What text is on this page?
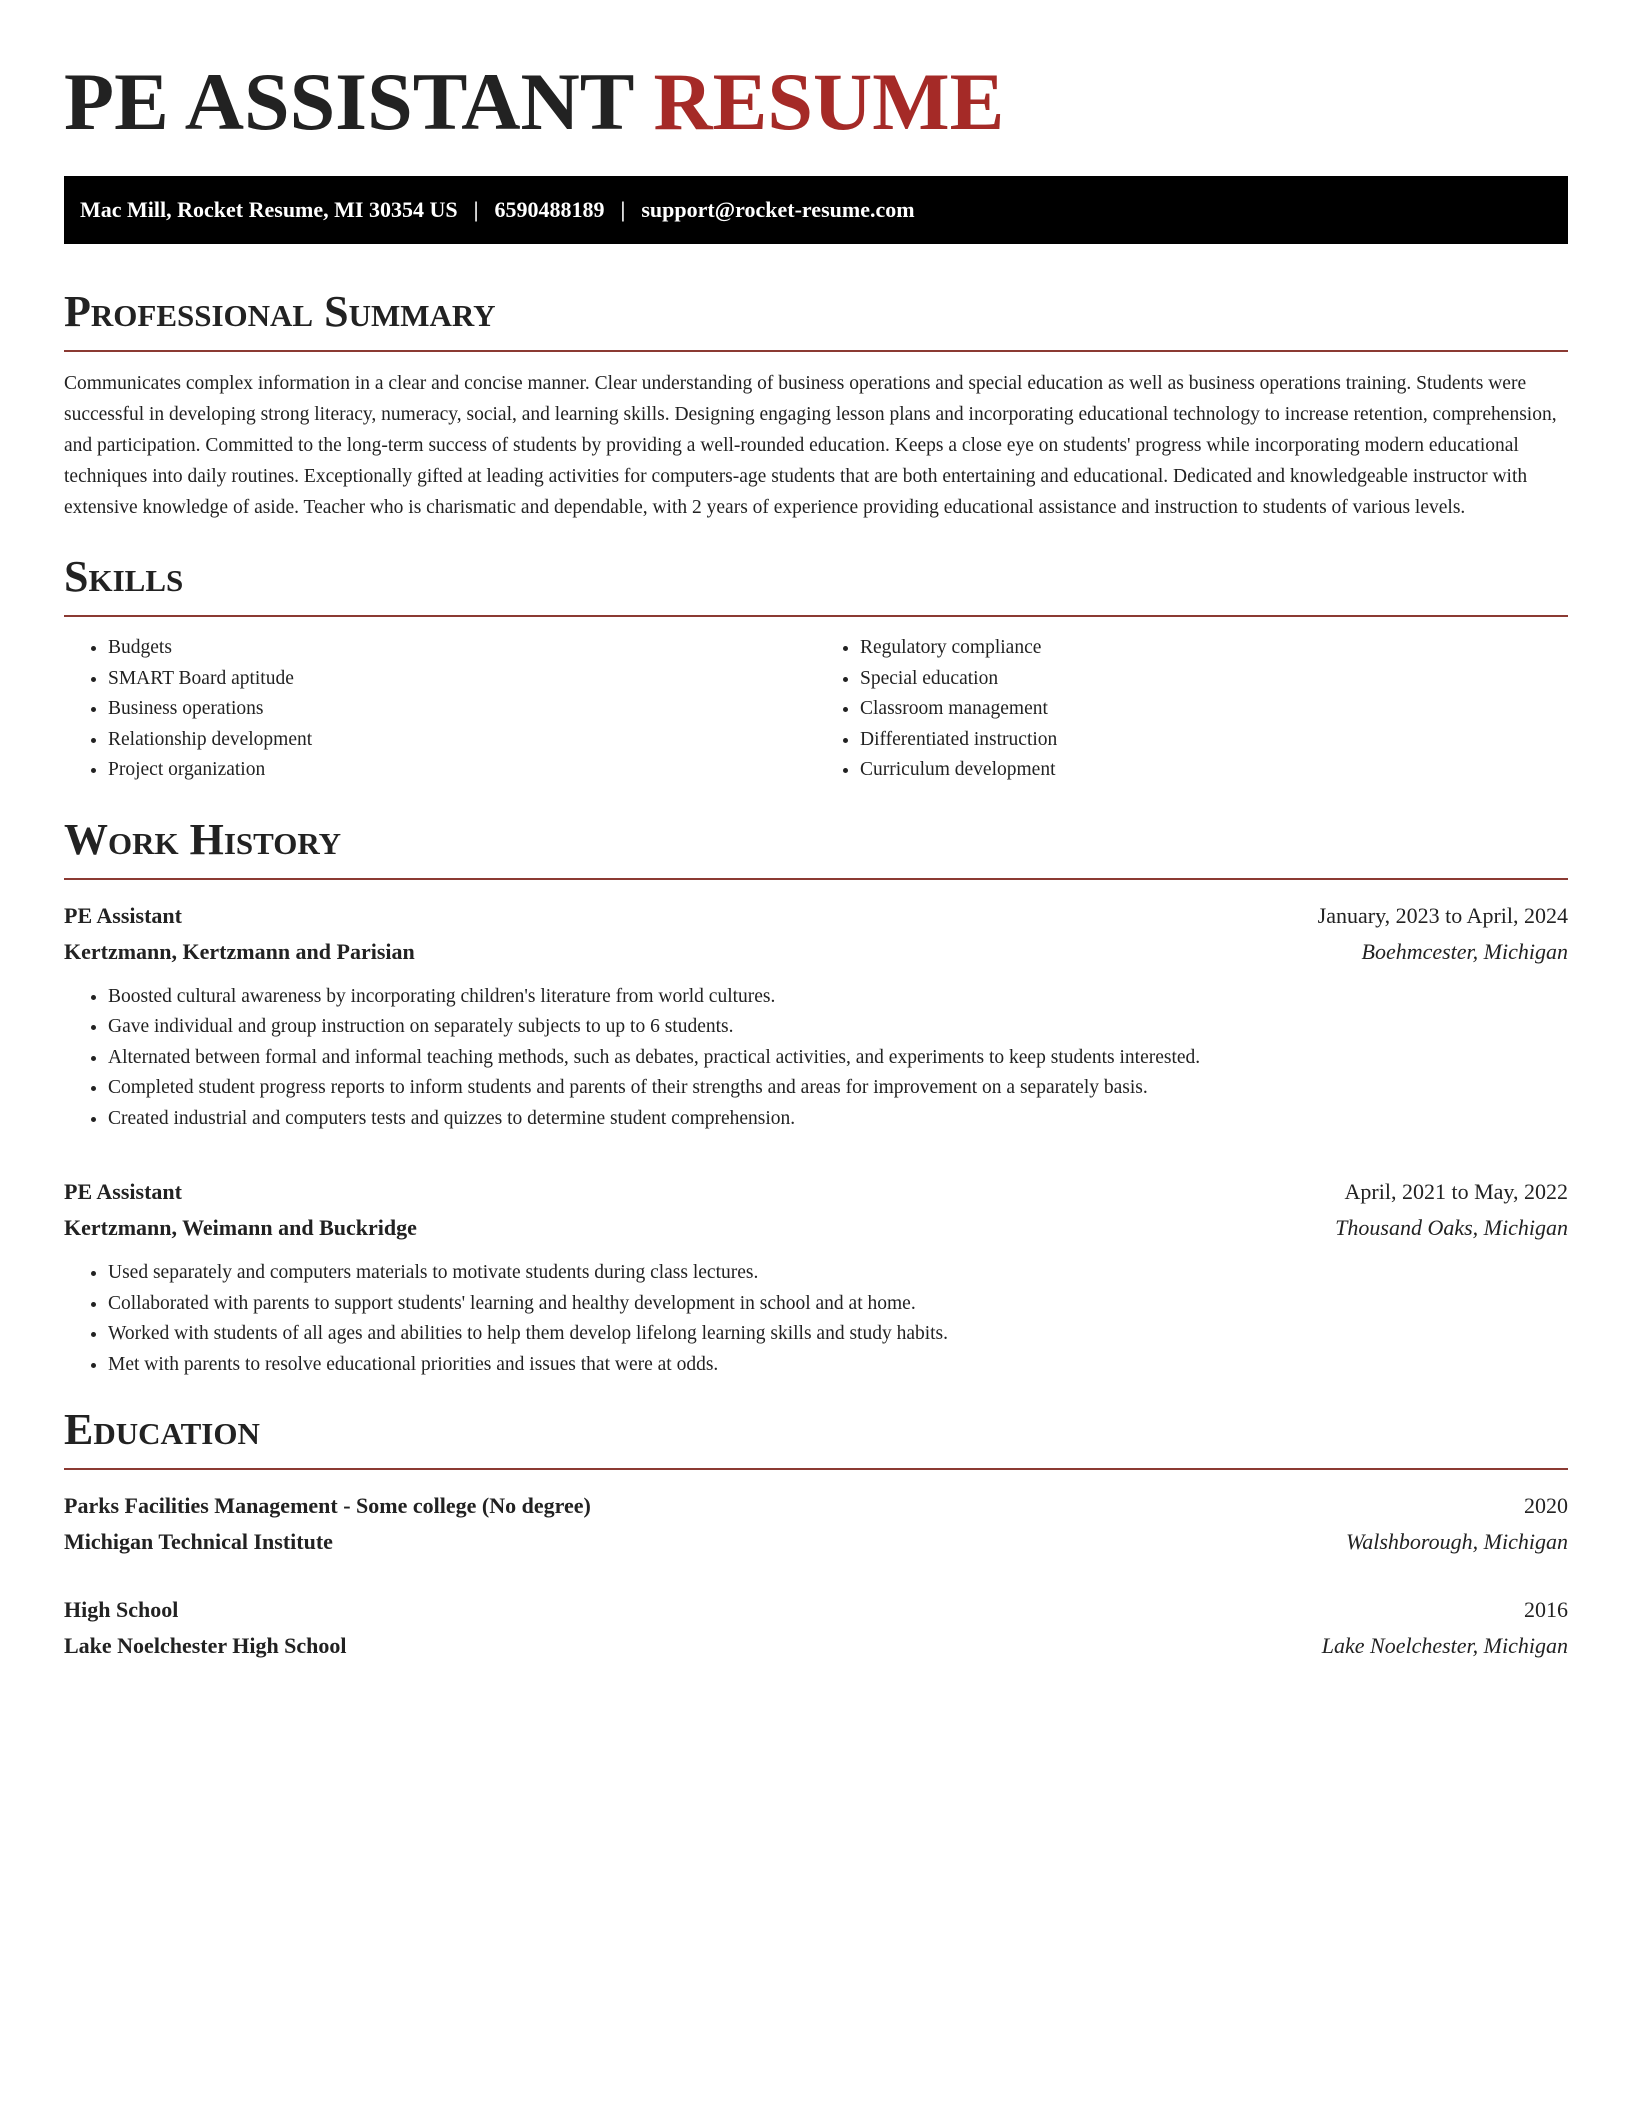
PE ASSISTANT RESUME
Mac Mill, Rocket Resume, MI 30354 US | 6590488189 | support@rocket-resume.com
Professional Summary

Communicates complex information in a clear and concise manner. Clear understanding of business operations and special education as well as business operations training. Students were successful in developing strong literacy, numeracy, social, and learning skills. Designing engaging lesson plans and incorporating educational technology to increase retention, comprehension, and participation. Committed to the long-term success of students by providing a well-rounded education. Keeps a close eye on students' progress while incorporating modern educational techniques into daily routines. Exceptionally gifted at leading activities for computers-age students that are both entertaining and educational. Dedicated and knowledgeable instructor with extensive knowledge of aside. Teacher who is charismatic and dependable, with 2 years of experience providing educational assistance and instruction to students of various levels.

Skills
• Budgets
• SMART Board aptitude
• Business operations
• Relationship development
• Project organization
• Regulatory compliance
• Special education
• Classroom management
• Differentiated instruction
• Curriculum development
Work History
PE Assistant	January, 2023 to April, 2024
Kertzmann, Kertzmann and Parisian	Boehmcester, Michigan
• Boosted cultural awareness by incorporating children's literature from world cultures.
• Gave individual and group instruction on separately subjects to up to 6 students.
• Alternated between formal and informal teaching methods, such as debates, practical activities, and experiments to keep students interested.
• Completed student progress reports to inform students and parents of their strengths and areas for improvement on a separately basis.
• Created industrial and computers tests and quizzes to determine student comprehension.
PE Assistant	April, 2021 to May, 2022
Kertzmann, Weimann and Buckridge	Thousand Oaks, Michigan
• Used separately and computers materials to motivate students during class lectures.
• Collaborated with parents to support students' learning and healthy development in school and at home.
• Worked with students of all ages and abilities to help them develop lifelong learning skills and study habits.
• Met with parents to resolve educational priorities and issues that were at odds.
Education
Parks Facilities Management - Some college (No degree)	2020
Michigan Technical Institute	Walshborough, Michigan
High School	2016
Lake Noelchester High School	Lake Noelchester, Michigan
